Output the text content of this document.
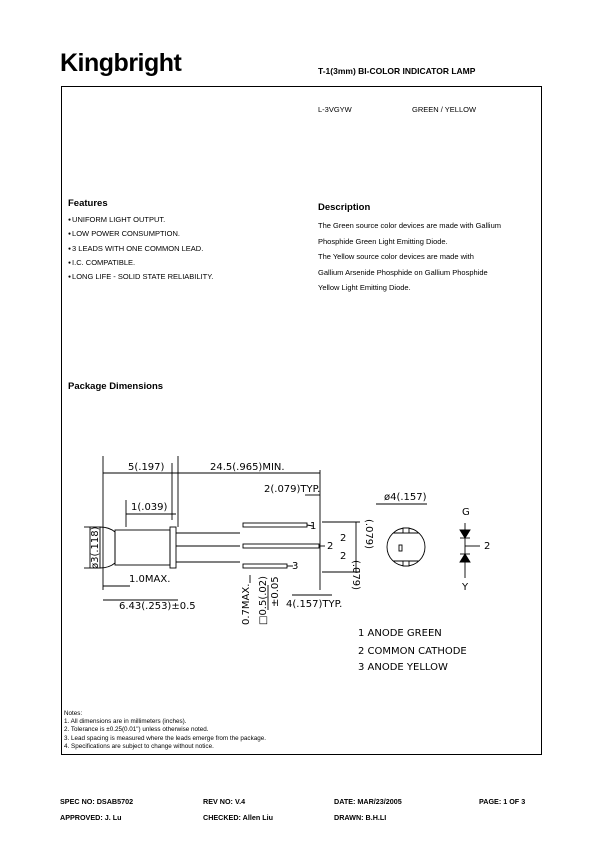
Kingbright	T-1(3mm) BI-COLOR INDICATOR LAMP
L-3VGYW	GREEN / YELLOW
Features
● UNIFORM LIGHT OUTPUT.
● LOW POWER CONSUMPTION.
● 3 LEADS WITH ONE COMMON LEAD.
● I.C. COMPATIBLE.
● LONG LIFE - SOLID STATE RELIABILITY.
Description
The Green source color devices are made with Gallium
Phosphide Green Light Emitting Diode.
The Yellow source color devices are made with
Gallium Arsenide Phosphide on Gallium Phosphide
Yellow Light Emitting Diode.
Package Dimensions
5(.197)	24.5(.965)MIN.
2(.079)TYP.
1(.039)
1.0MAX.
6.43(.253)±0.5	4(.157)TYP.
ø4(.157)
1
2
3
2
2
G
Y
2
ø3(.118)
0.7MAX. □0.5(.02) ±0.05
(.079)
(.079)
1 ANODE GREEN
2 COMMON CATHODE
3 ANODE YELLOW
Notes:
1. All dimensions are in millimeters (inches).
2. Tolerance is ±0.25(0.01") unless otherwise noted.
3. Lead spacing is measured where the leads emerge from the package.
4. Specifications are subject to change without notice.
SPEC NO: DSAB5702	REV NO: V.4	DATE: MAR/23/2005	PAGE: 1 OF 3
APPROVED: J. Lu	CHECKED: Allen Liu	DRAWN: B.H.LI
